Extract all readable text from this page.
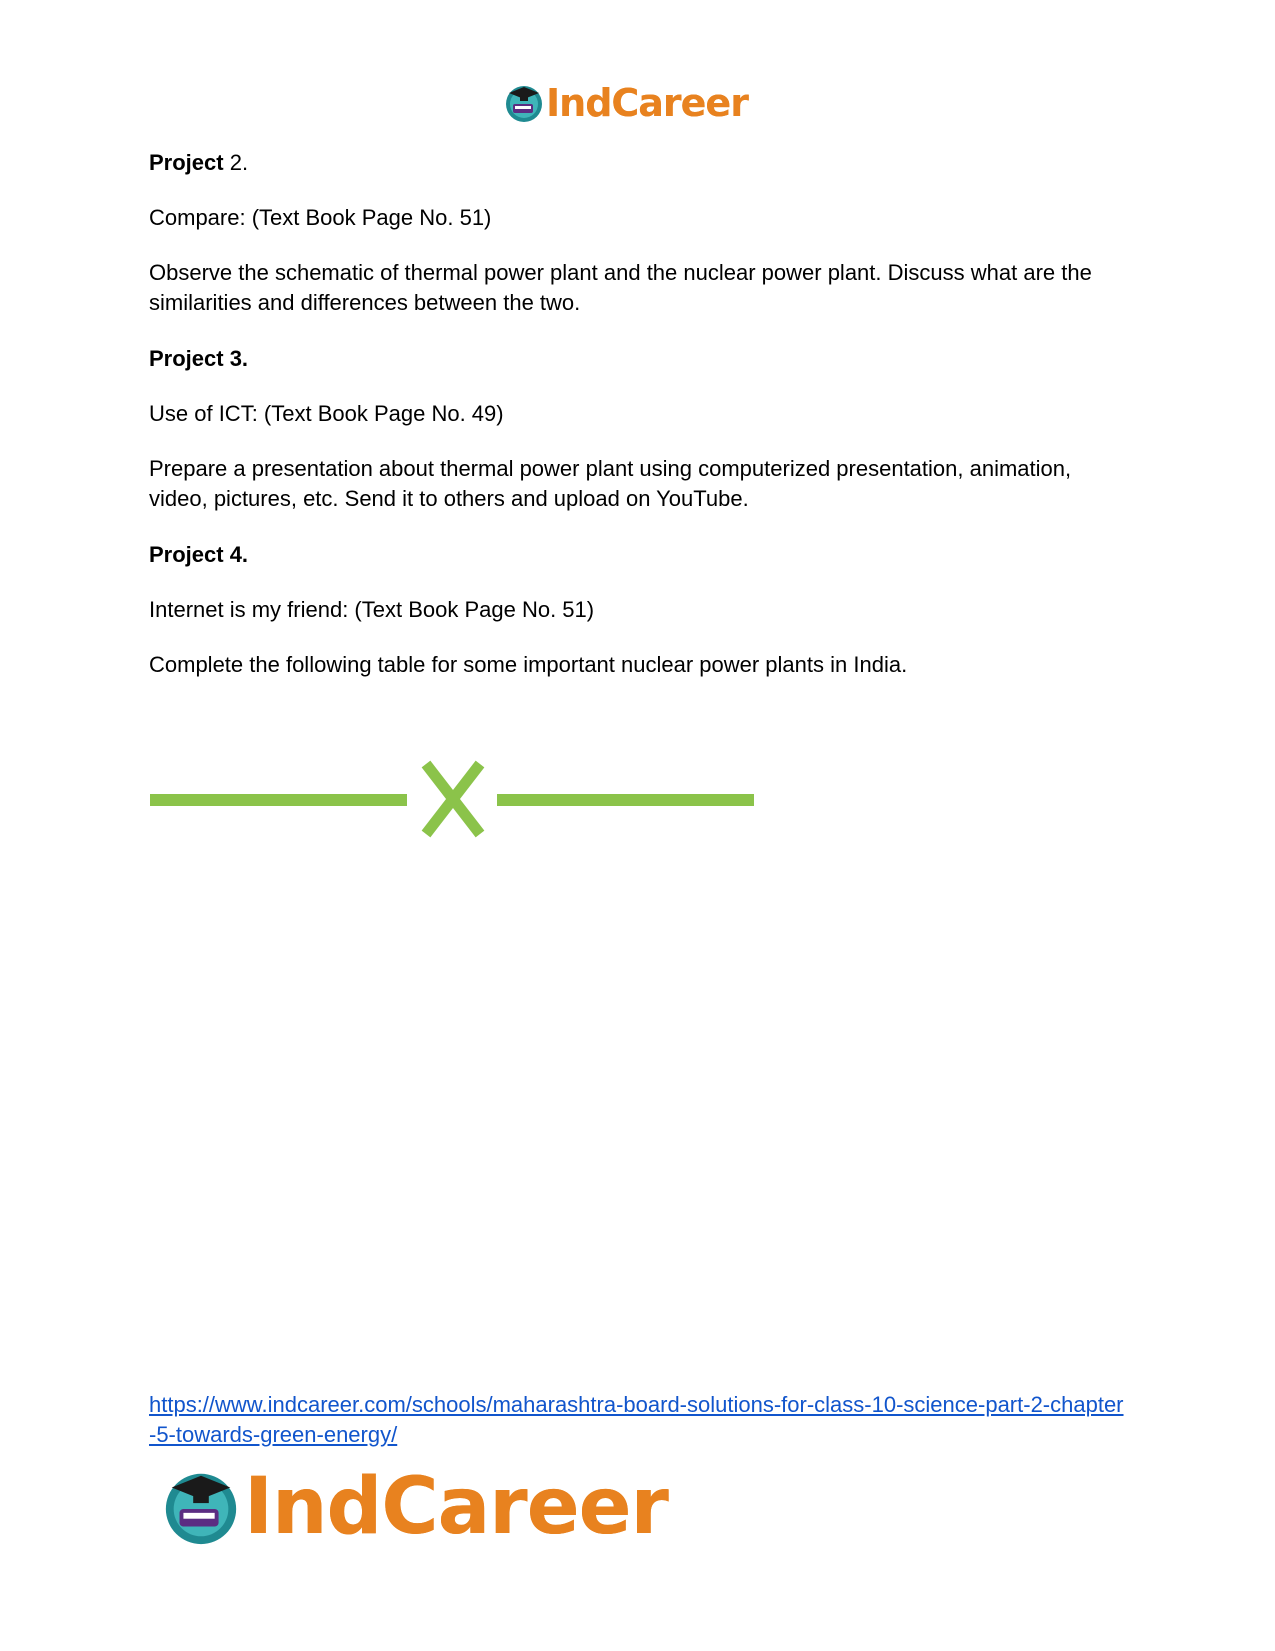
IndCareer

Project 2.

Compare: (Text Book Page No. 51)

Observe the schematic of thermal power plant and the nuclear power plant. Discuss what are the similarities and differences between the two.

Project 3.

Use of ICT: (Text Book Page No. 49)

Prepare a presentation about thermal power plant using computerized presentation, animation, video, pictures, etc. Send it to others and upload on YouTube.

Project 4.

Internet is my friend: (Text Book Page No. 51)

Complete the following table for some important nuclear power plants in India.

https://www.indcareer.com/schools/maharashtra-board-solutions-for-class-10-science-part-2-chapter-5-towards-green-energy/
IndCareer
